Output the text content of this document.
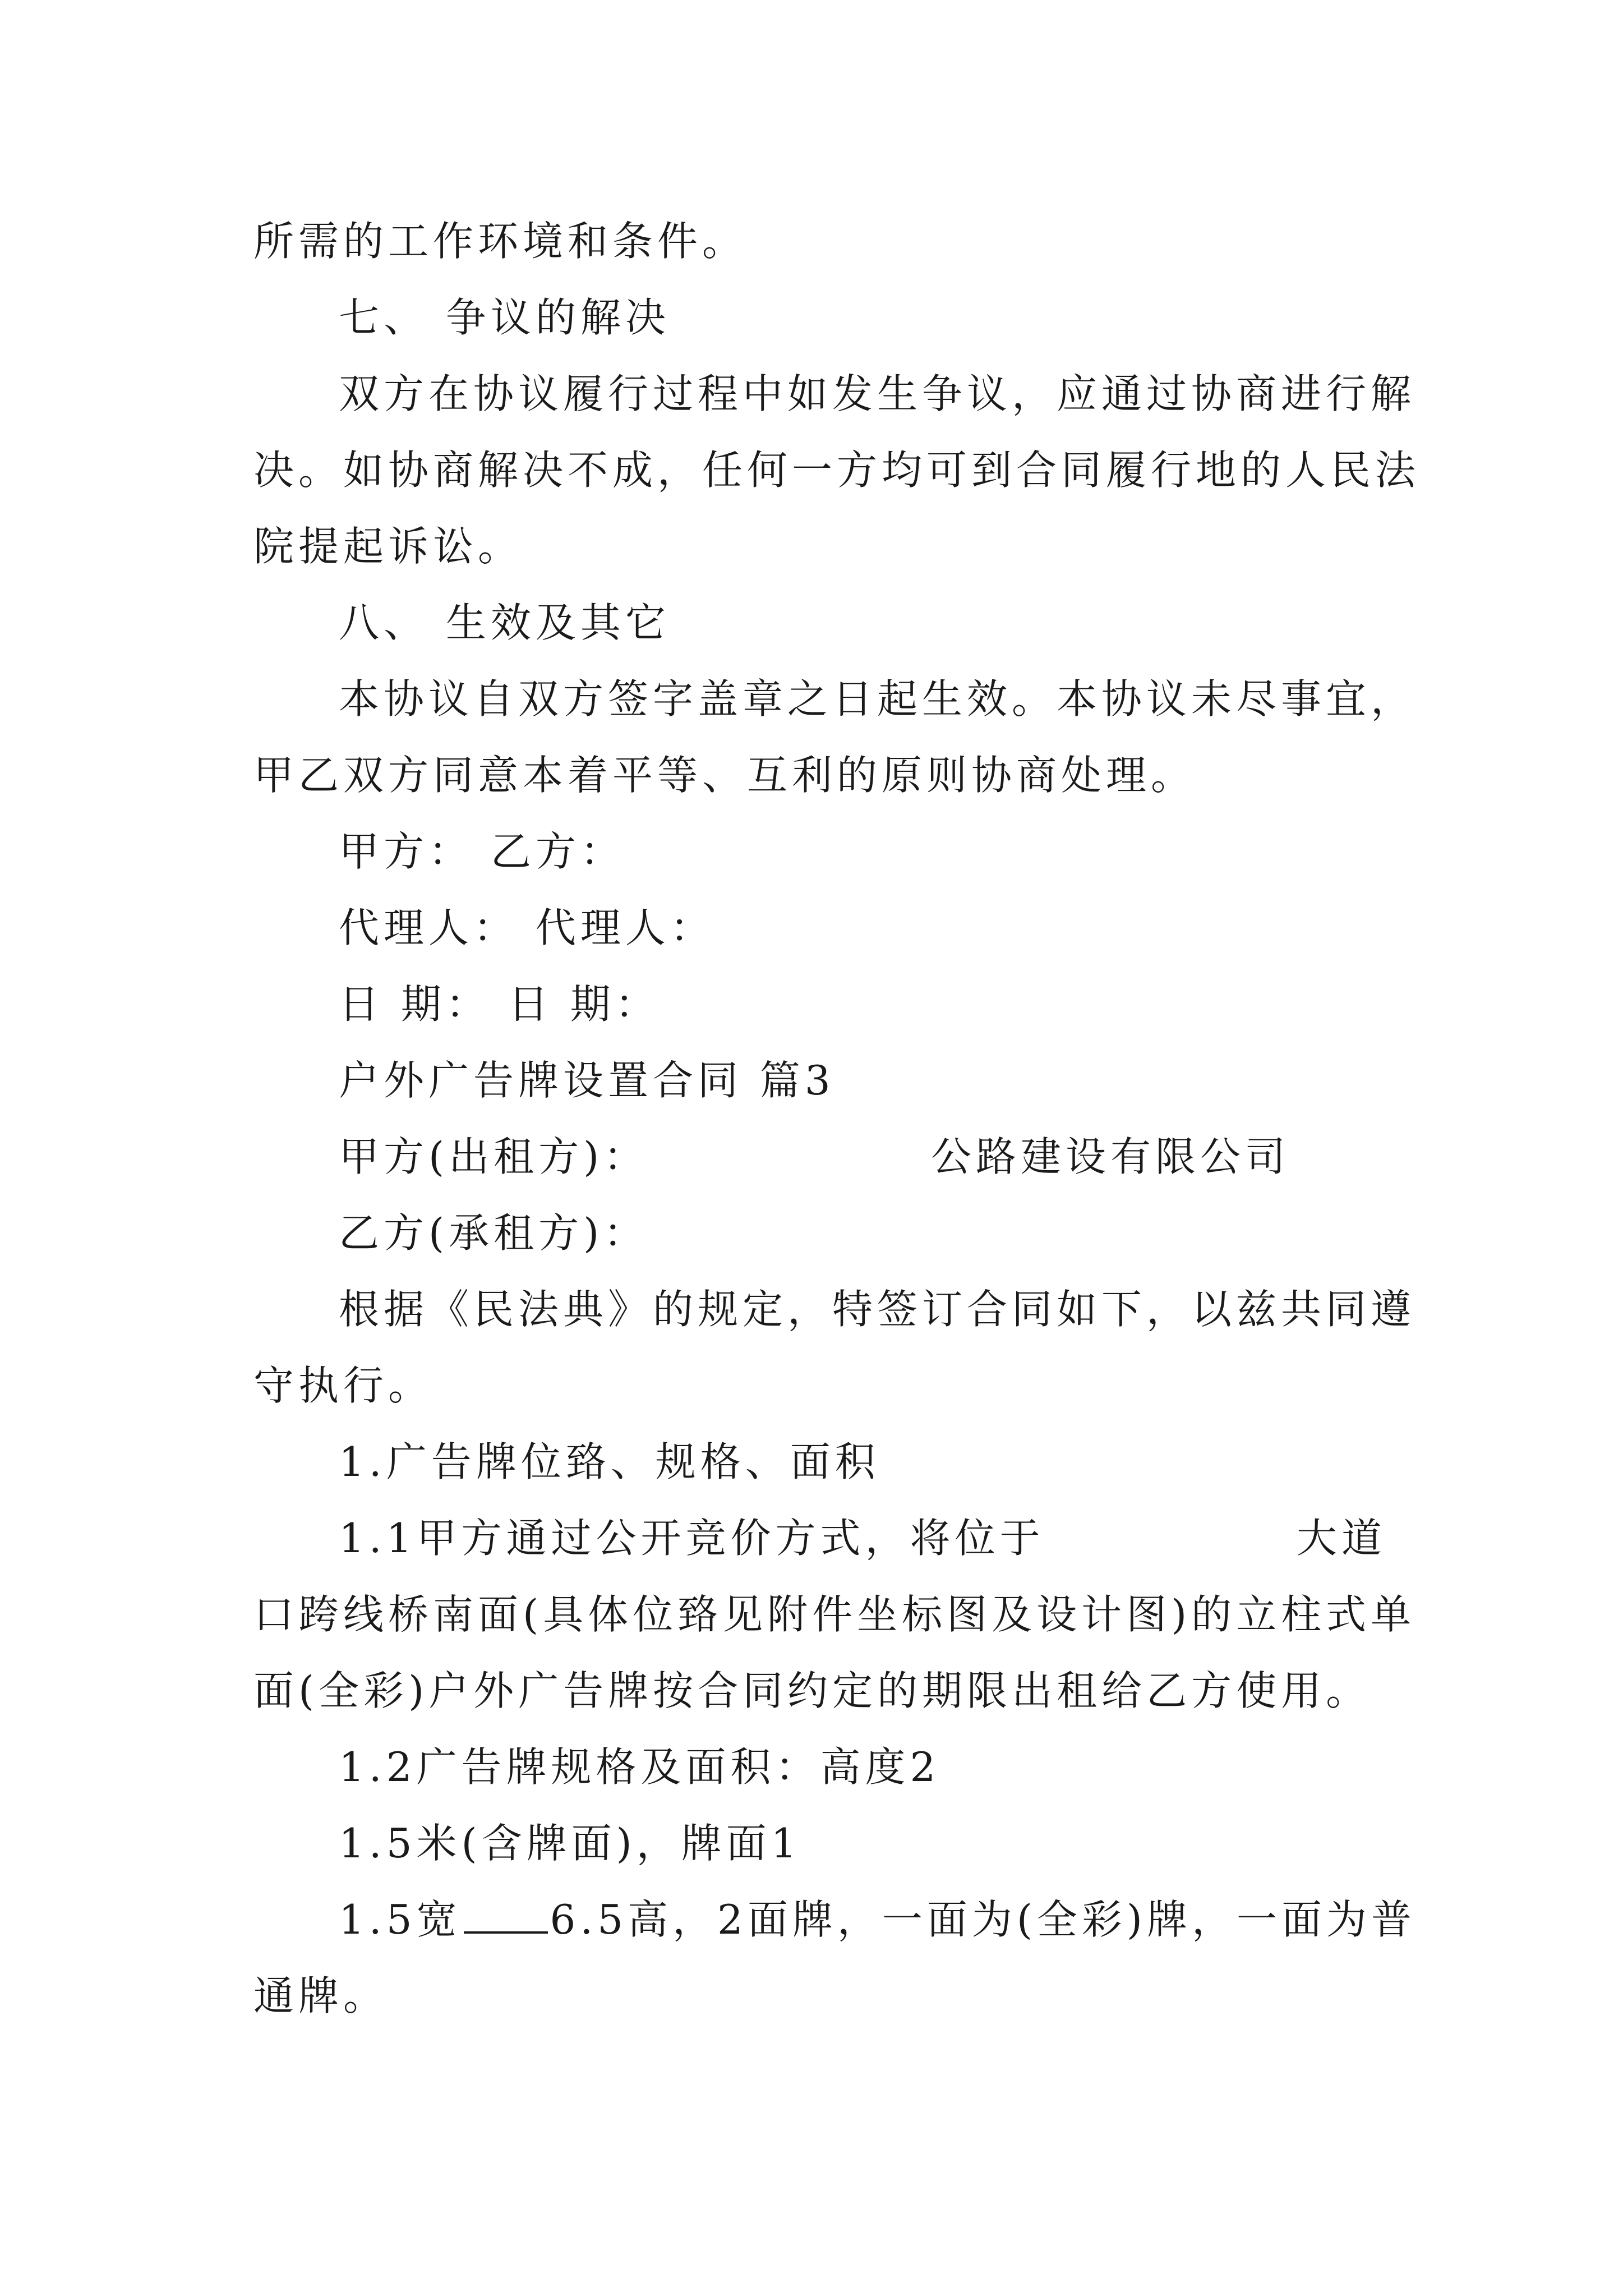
所需的工作环境和条件。
七、 争议的解决
双方在协议履行过程中如发生争议，应通过协商进行解
决。如协商解决不成，任何一方均可到合同履行地的人民法
院提起诉讼。
八、 生效及其它
本协议自双方签字盖章之日起生效。本协议未尽事宜，
甲乙双方同意本着平等、互利的原则协商处理。
甲方： 乙方：
代理人： 代理人：
日 期： 日 期：
户外广告牌设置合同 篇3
甲方(出租方)：	公路建设有限公司
乙方(承租方)：
根据《民法典》的规定，特签订合同如下，以兹共同遵
守执行。
1.广告牌位臵、规格、面积
1.1甲方通过公开竞价方式，将位于	大道
口跨线桥南面(具体位臵见附件坐标图及设计图)的立柱式单
面(全彩)户外广告牌按合同约定的期限出租给乙方使用。
1.2广告牌规格及面积：高度2
1.5米(含牌面)，牌面1
1.5宽 6.5高，2面牌，一面为(全彩)牌，一面为普
通牌。
